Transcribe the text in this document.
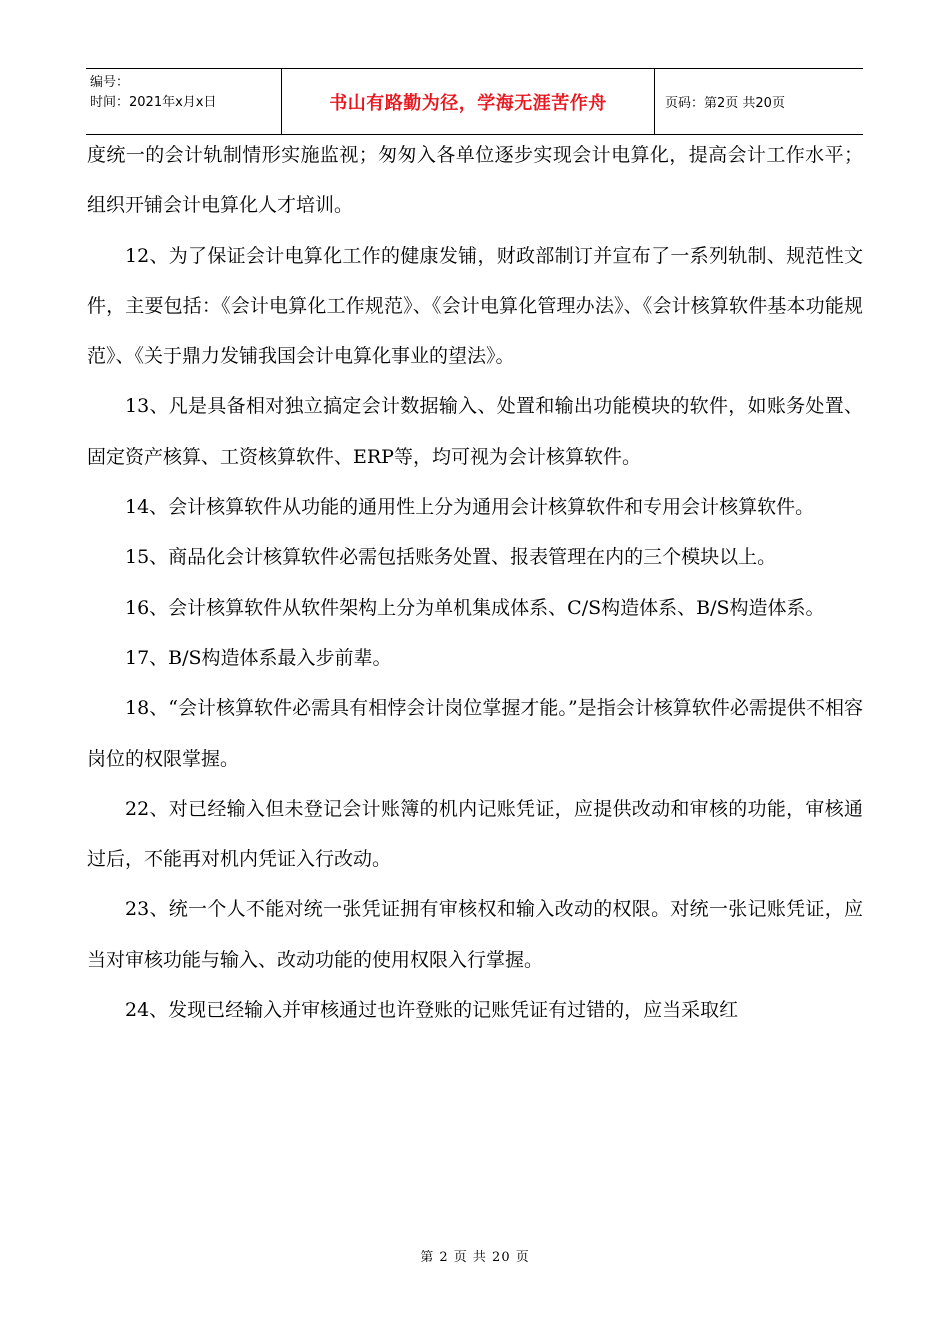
编号：
时间：2021年x月x日	书山有路勤为径，学海无涯苦作舟	页码：第2页 共20页

度统一的会计轨制情形实施监视；匆匆入各单位逐步实现会计电算化，提高会计工作水平；组织开铺会计电算化人才培训。

12、为了保证会计电算化工作的健康发铺，财政部制订并宣布了一系列轨制、规范性文件，主要包括：《会计电算化工作规范》、《会计电算化管理办法》、《会计核算软件基本功能规范》、《关于鼎力发铺我国会计电算化事业的望法》。

13、凡是具备相对独立搞定会计数据输入、处置和输出功能模块的软件，如账务处置、固定资产核算、工资核算软件、ERP等，均可视为会计核算软件。

14、会计核算软件从功能的通用性上分为通用会计核算软件和专用会计核算软件。

15、商品化会计核算软件必需包括账务处置、报表管理在内的三个模块以上。

16、会计核算软件从软件架构上分为单机集成体系、C/S构造体系、B/S构造体系。

17、B/S构造体系最入步前辈。

18、“会计核算软件必需具有相悖会计岗位掌握才能。”是指会计核算软件必需提供不相容岗位的权限掌握。

22、对已经输入但未登记会计账簿的机内记账凭证，应提供改动和审核的功能，审核通过后，不能再对机内凭证入行改动。

23、统一个人不能对统一张凭证拥有审核权和输入改动的权限。对统一张记账凭证，应当对审核功能与输入、改动功能的使用权限入行掌握。

24、发现已经输入并审核通过也许登账的记账凭证有过错的，应当采取红

第 2 页 共 20 页
